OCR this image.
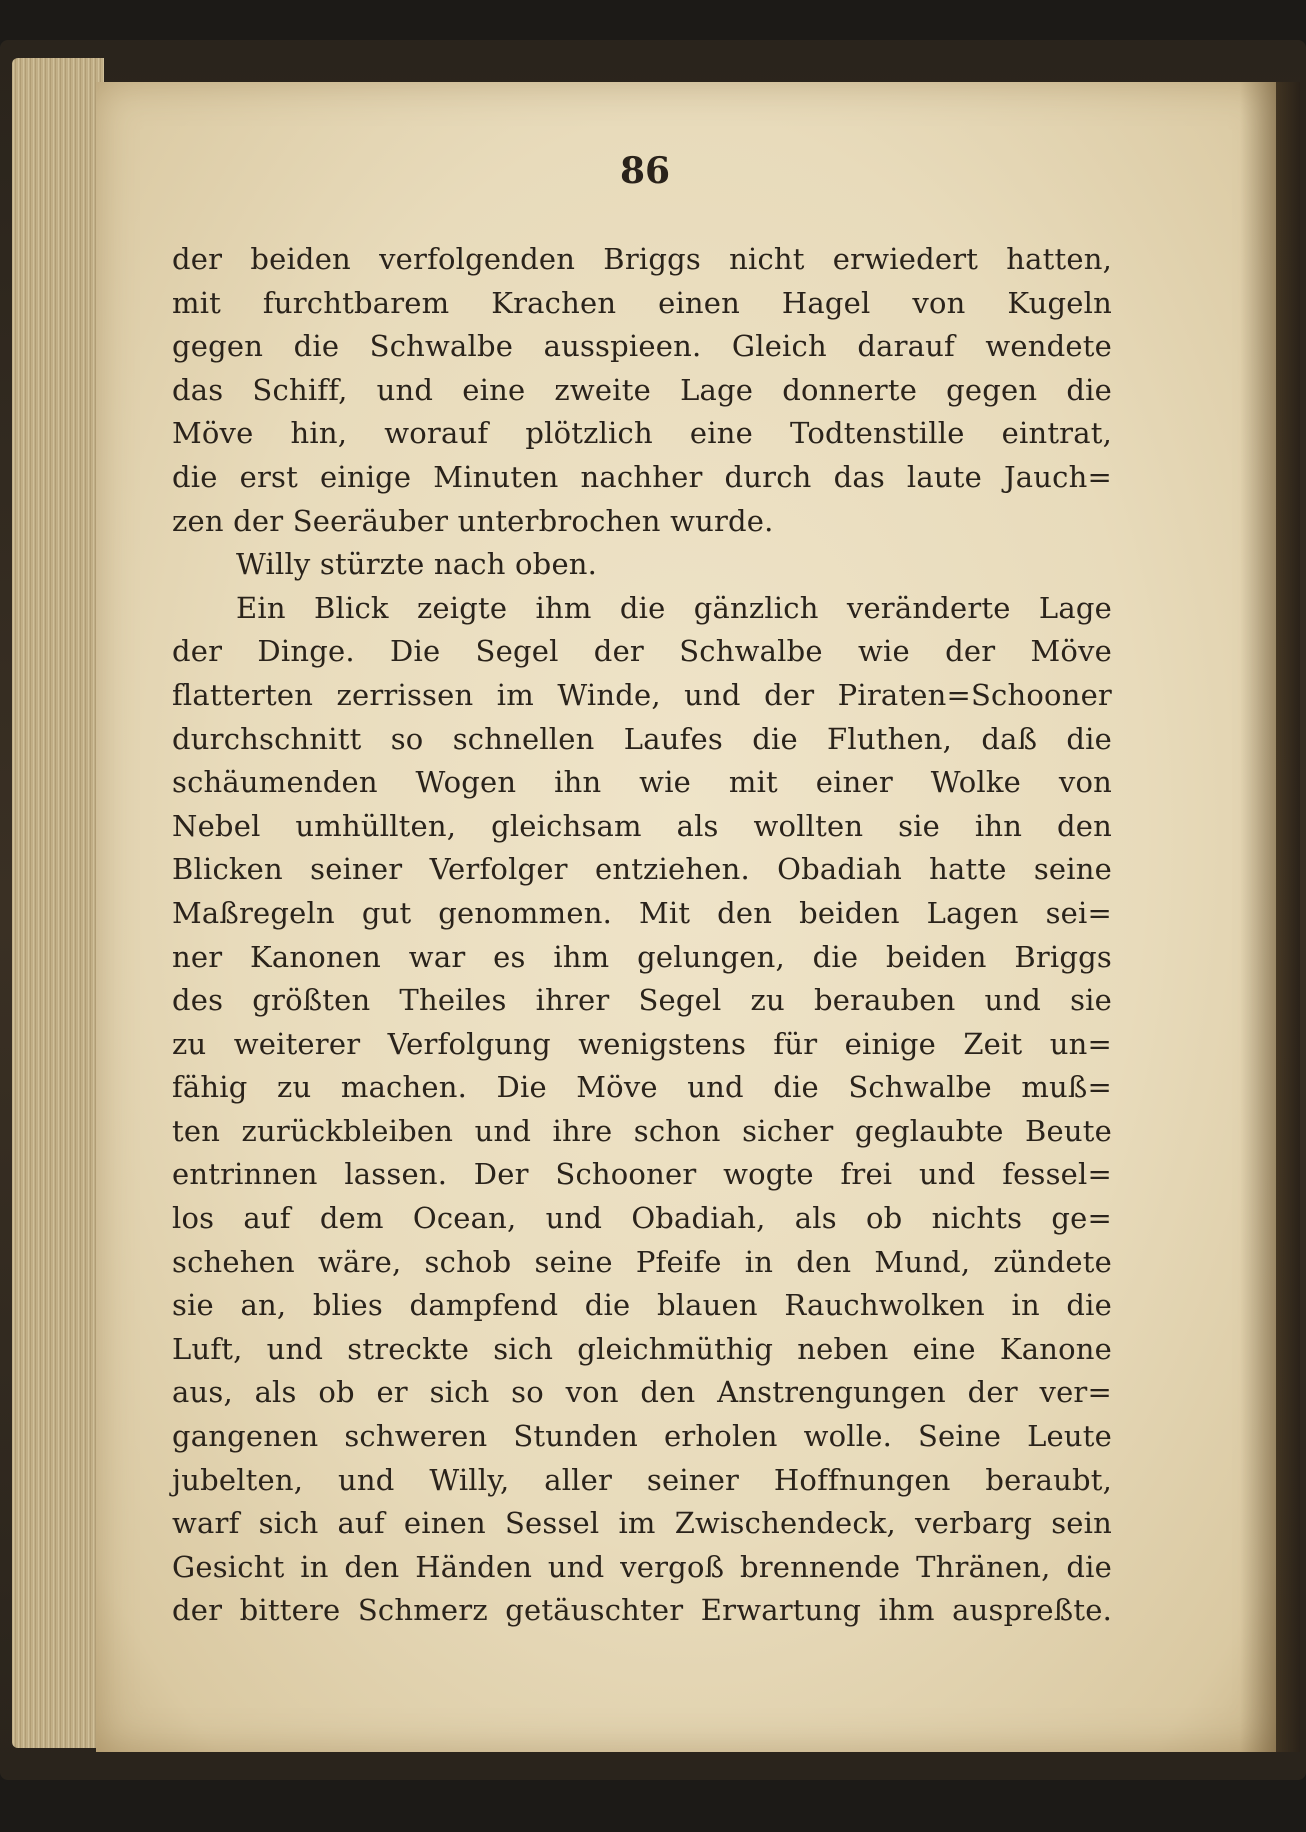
86
der beiden verfolgenden Briggs nicht erwiedert hatten,
mit furchtbarem Krachen einen Hagel von Kugeln
gegen die Schwalbe ausspieen. Gleich darauf wendete
das Schiff, und eine zweite Lage donnerte gegen die
Möve hin, worauf plötzlich eine Todtenstille eintrat,
die erst einige Minuten nachher durch das laute Jauch=
zen der Seeräuber unterbrochen wurde.
Willy stürzte nach oben.
Ein Blick zeigte ihm die gänzlich veränderte Lage
der Dinge. Die Segel der Schwalbe wie der Möve
flatterten zerrissen im Winde, und der Piraten=Schooner
durchschnitt so schnellen Laufes die Fluthen, daß die
schäumenden Wogen ihn wie mit einer Wolke von
Nebel umhüllten, gleichsam als wollten sie ihn den
Blicken seiner Verfolger entziehen. Obadiah hatte seine
Maßregeln gut genommen. Mit den beiden Lagen sei=
ner Kanonen war es ihm gelungen, die beiden Briggs
des größten Theiles ihrer Segel zu berauben und sie
zu weiterer Verfolgung wenigstens für einige Zeit un=
fähig zu machen. Die Möve und die Schwalbe muß=
ten zurückbleiben und ihre schon sicher geglaubte Beute
entrinnen lassen. Der Schooner wogte frei und fessel=
los auf dem Ocean, und Obadiah, als ob nichts ge=
schehen wäre, schob seine Pfeife in den Mund, zündete
sie an, blies dampfend die blauen Rauchwolken in die
Luft, und streckte sich gleichmüthig neben eine Kanone
aus, als ob er sich so von den Anstrengungen der ver=
gangenen schweren Stunden erholen wolle. Seine Leute
jubelten, und Willy, aller seiner Hoffnungen beraubt,
warf sich auf einen Sessel im Zwischendeck, verbarg sein
Gesicht in den Händen und vergoß brennende Thränen, die
der bittere Schmerz getäuschter Erwartung ihm auspreßte.
